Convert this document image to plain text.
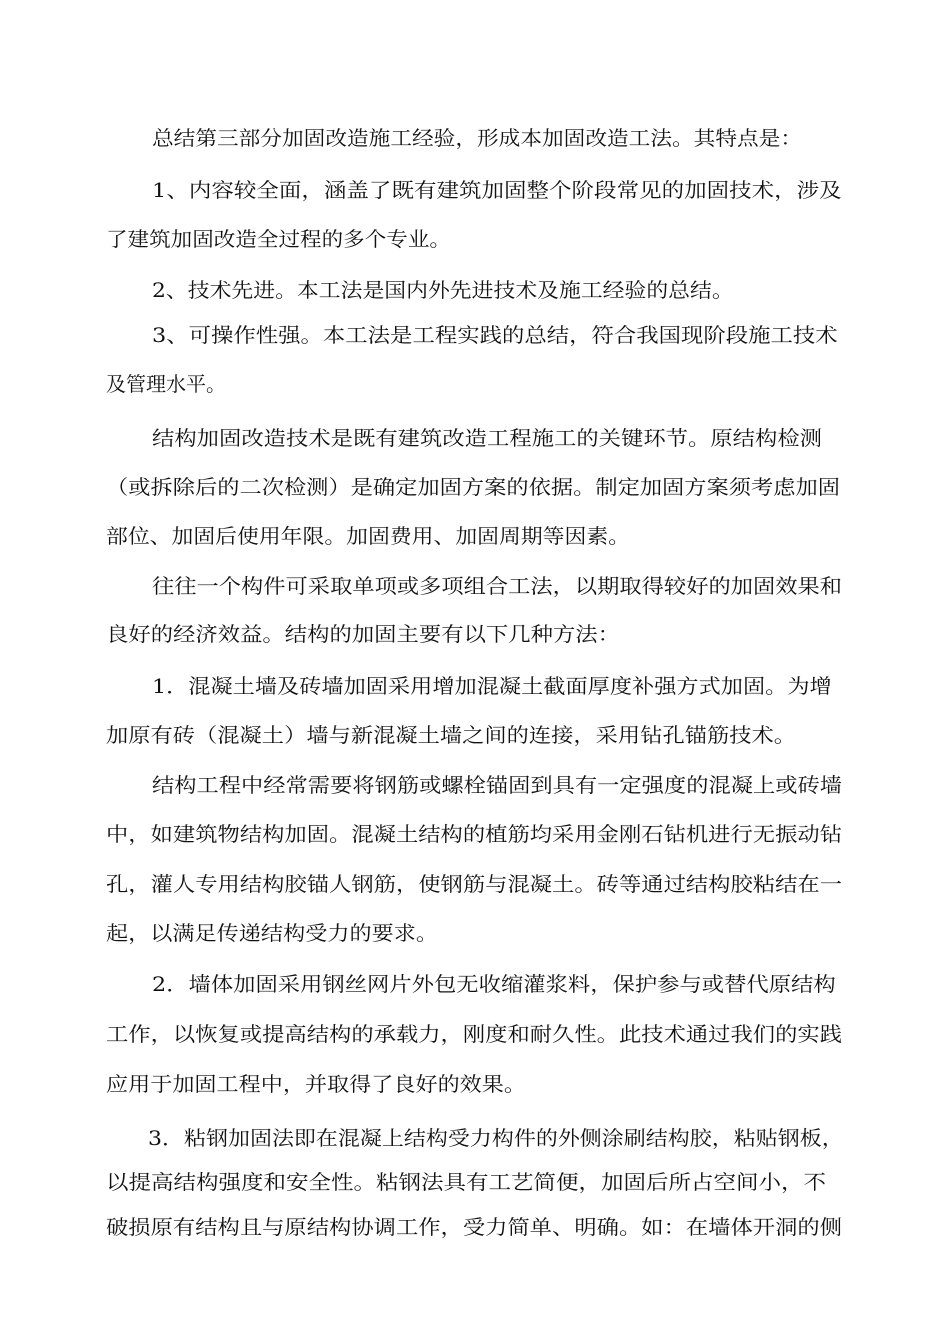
总结第三部分加固改造施工经验，形成本加固改造工法。其特点是：

1、内容较全面，涵盖了既有建筑加固整个阶段常见的加固技术，涉及

了建筑加固改造全过程的多个专业。

2、技术先进。本工法是国内外先进技术及施工经验的总结。

3、可操作性强。本工法是工程实践的总结，符合我国现阶段施工技术

及管理水平。

结构加固改造技术是既有建筑改造工程施工的关键环节。原结构检测

（或拆除后的二次检测）是确定加固方案的依据。制定加固方案须考虑加固

部位、加固后使用年限。加固费用、加固周期等因素。

往往一个构件可采取单项或多项组合工法，以期取得较好的加固效果和

良好的经济效益。结构的加固主要有以下几种方法：

1．混凝土墙及砖墙加固采用增加混凝土截面厚度补强方式加固。为增

加原有砖（混凝土）墙与新混凝土墙之间的连接，采用钻孔锚筋技术。

结构工程中经常需要将钢筋或螺栓锚固到具有一定强度的混凝上或砖墙

中，如建筑物结构加固。混凝土结构的植筋均采用金刚石钻机进行无振动钻

孔，灌人专用结构胶锚人钢筋，使钢筋与混凝土。砖等通过结构胶粘结在一

起，以满足传递结构受力的要求。

2．墙体加固采用钢丝网片外包无收缩灌浆料，保护参与或替代原结构

工作，以恢复或提高结构的承载力，刚度和耐久性。此技术通过我们的实践

应用于加固工程中，并取得了良好的效果。

3．粘钢加固法即在混凝上结构受力构件的外侧涂刷结构胶，粘贴钢板，

以提高结构强度和安全性。粘钢法具有工艺简便，加固后所占空间小，不

破损原有结构且与原结构协调工作，受力简单、明确。如：在墙体开洞的侧
